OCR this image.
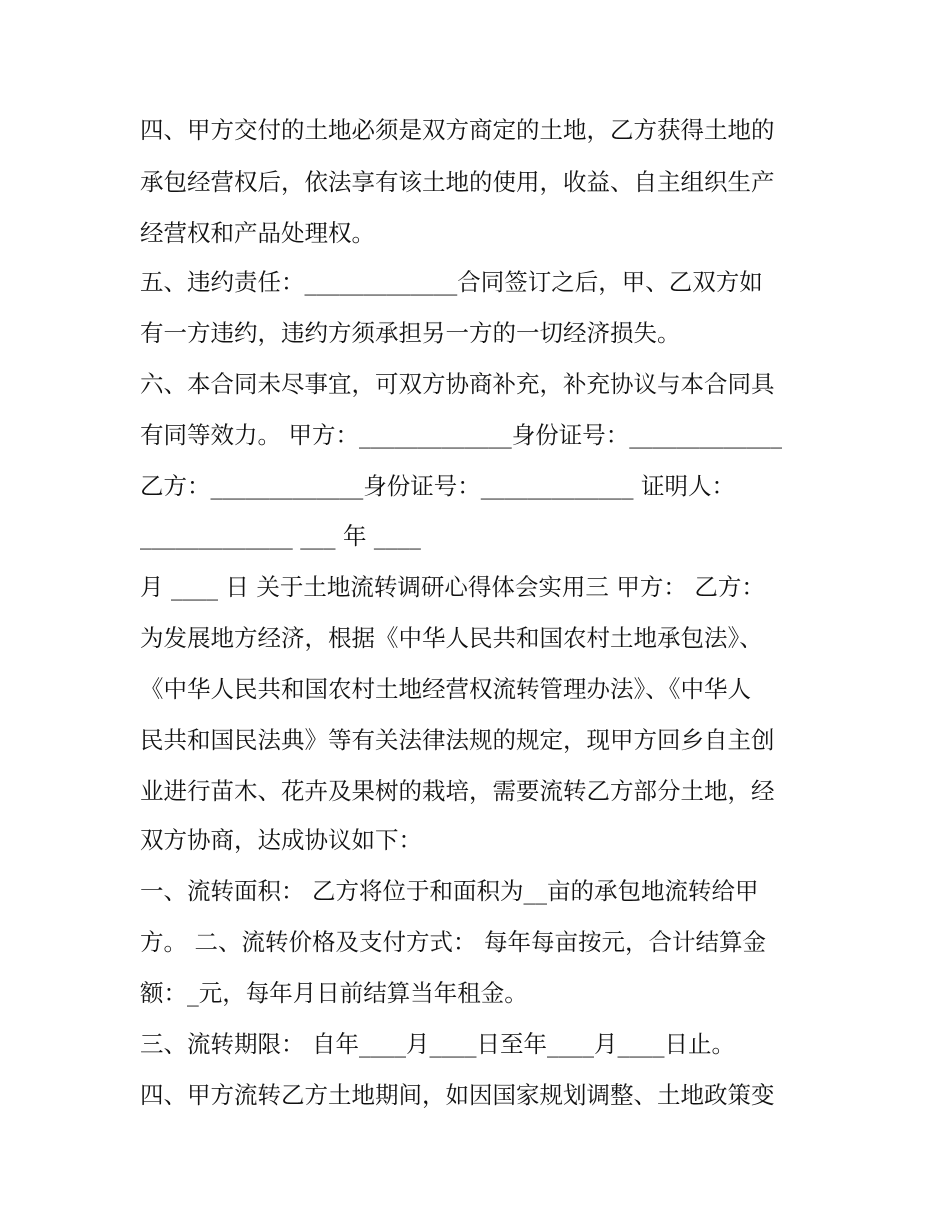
四、甲方交付的土地必须是双方商定的土地，乙方获得土地的
承包经营权后，依法享有该土地的使用，收益、自主组织生产
经营权和产品处理权。
五、违约责任：_____________合同签订之后，甲、乙双方如
有一方违约，违约方须承担另一方的一切经济损失。
六、本合同未尽事宜，可双方协商补充，补充协议与本合同具
有同等效力。 甲方：_____________身份证号：_____________
乙方：_____________身份证号：_____________ 证明人：
_____________ ___ 年 ____
月 ____ 日 关于土地流转调研心得体会实用三 甲方： 乙方：
为发展地方经济，根据《中华人民共和国农村土地承包法》、
《中华人民共和国农村土地经营权流转管理办法》、《中华人
民共和国民法典》等有关法律法规的规定，现甲方回乡自主创
业进行苗木、花卉及果树的栽培，需要流转乙方部分土地，经
双方协商，达成协议如下：
一、流转面积： 乙方将位于和面积为__亩的承包地流转给甲
方。 二、流转价格及支付方式： 每年每亩按元，合计结算金
额：_元，每年月日前结算当年租金。
三、流转期限： 自年____月____日至年____月____日止。
四、甲方流转乙方土地期间，如因国家规划调整、土地政策变
